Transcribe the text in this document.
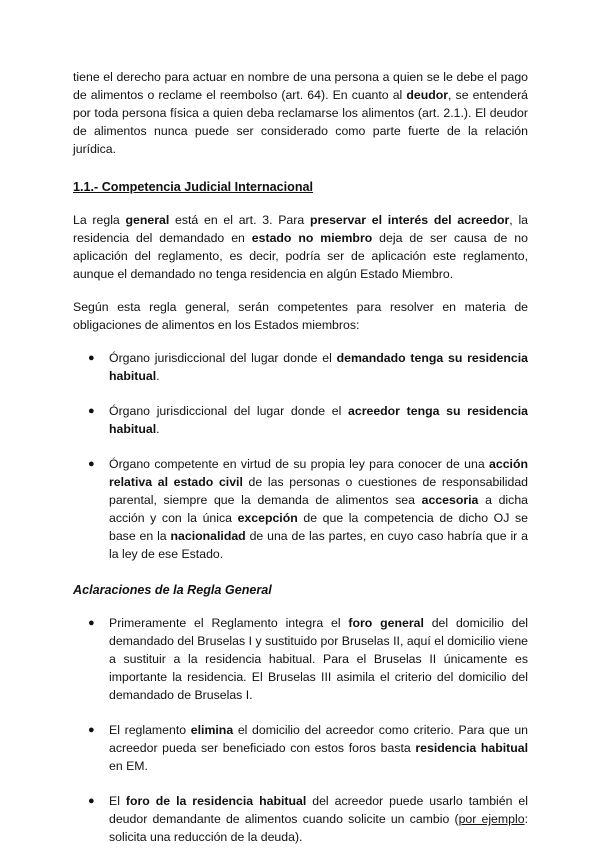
tiene el derecho para actuar en nombre de una persona a quien se le debe el pago de alimentos o reclame el reembolso (art. 64). En cuanto al deudor, se entenderá por toda persona física a quien deba reclamarse los alimentos (art. 2.1.). El deudor de alimentos nunca puede ser considerado como parte fuerte de la relación jurídica.

1.1.- Competencia Judicial Internacional

La regla general está en el art. 3. Para preservar el interés del acreedor, la residencia del demandado en estado no miembro deja de ser causa de no aplicación del reglamento, es decir, podría ser de aplicación este reglamento, aunque el demandado no tenga residencia en algún Estado Miembro.

Según esta regla general, serán competentes para resolver en materia de obligaciones de alimentos en los Estados miembros:

● Órgano jurisdiccional del lugar donde el demandado tenga su residencia habitual.
● Órgano jurisdiccional del lugar donde el acreedor tenga su residencia habitual.
● Órgano competente en virtud de su propia ley para conocer de una acción relativa al estado civil de las personas o cuestiones de responsabilidad parental, siempre que la demanda de alimentos sea accesoria a dicha acción y con la única excepción de que la competencia de dicho OJ se base en la nacionalidad de una de las partes, en cuyo caso habría que ir a la ley de ese Estado.

Aclaraciones de la Regla General

● Primeramente el Reglamento integra el foro general del domicilio del demandado del Bruselas I y sustituido por Bruselas II, aquí el domicilio viene a sustituir a la residencia habitual. Para el Bruselas II únicamente es importante la residencia. El Bruselas III asimila el criterio del domicilio del demandado de Bruselas I.
● El reglamento elimina el domicilio del acreedor como criterio. Para que un acreedor pueda ser beneficiado con estos foros basta residencia habitual en EM.
● El foro de la residencia habitual del acreedor puede usarlo también el deudor demandante de alimentos cuando solicite un cambio (por ejemplo: solicita una reducción de la deuda).
